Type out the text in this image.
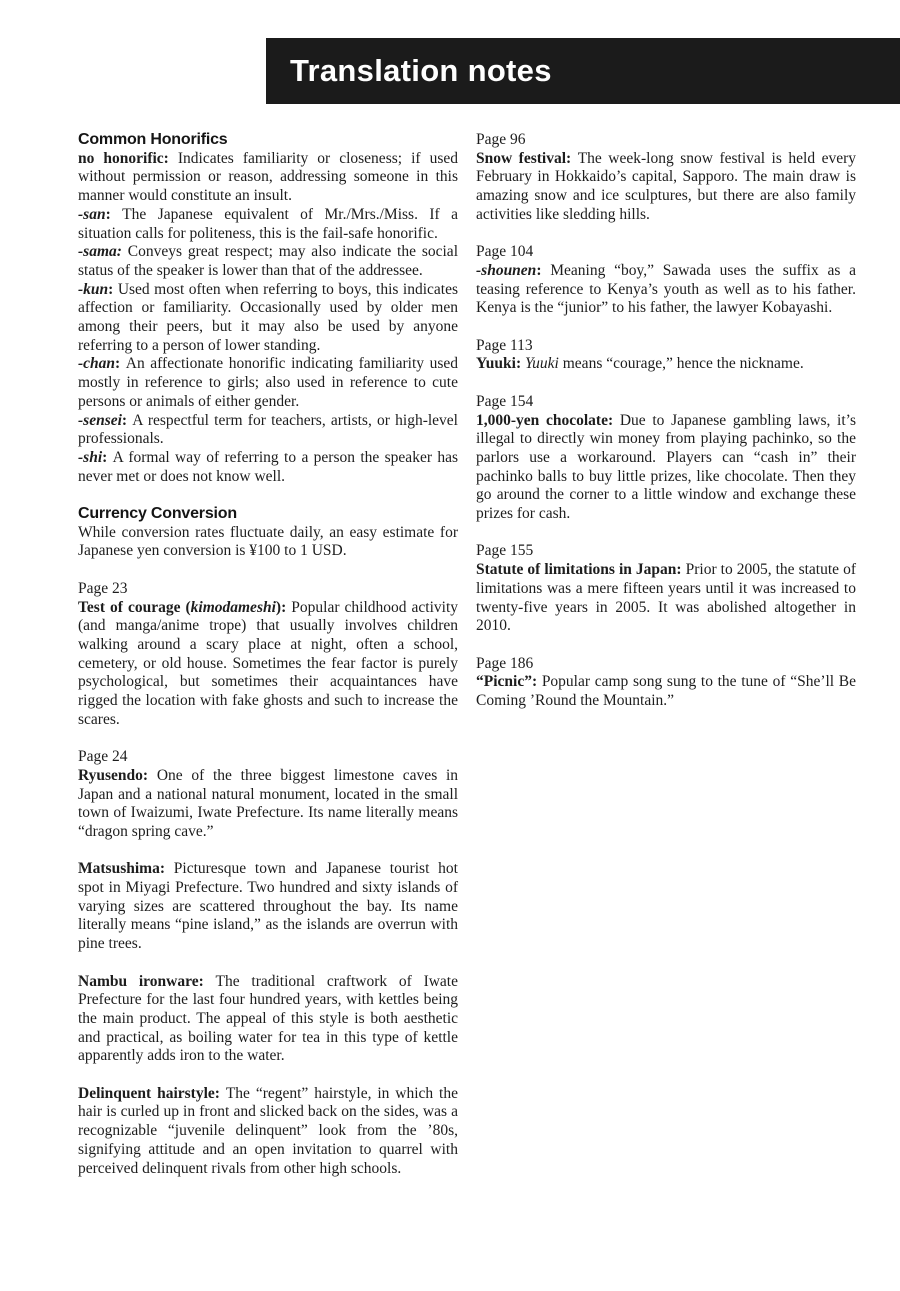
Translation notes
Common Honorifics

no honorific: Indicates familiarity or closeness; if used without permission or reason, addressing someone in this manner would constitute an insult.

-san: The Japanese equivalent of Mr./Mrs./Miss. If a situation calls for politeness, this is the fail-safe honorific.

-sama: Conveys great respect; may also indicate the social status of the speaker is lower than that of the addressee.

-kun: Used most often when referring to boys, this indicates affection or familiarity. Occasionally used by older men among their peers, but it may also be used by anyone referring to a person of lower standing.

-chan: An affectionate honorific indicating familiarity used mostly in reference to girls; also used in reference to cute persons or animals of either gender.

-sensei: A respectful term for teachers, artists, or high-level professionals.

-shi: A formal way of referring to a person the speaker has never met or does not know well.

Currency Conversion

While conversion rates fluctuate daily, an easy estimate for Japanese yen conversion is ¥100 to 1 USD.

Page 23

Test of courage (kimodameshi): Popular childhood activity (and manga/anime trope) that usually involves children walking around a scary place at night, often a school, cemetery, or old house. Sometimes the fear factor is purely psychological, but sometimes their acquaintances have rigged the location with fake ghosts and such to increase the scares.

Page 24

Ryusendo: One of the three biggest limestone caves in Japan and a national natural monument, located in the small town of Iwaizumi, Iwate Prefecture. Its name literally means “dragon spring cave.”

Matsushima: Picturesque town and Japanese tourist hot spot in Miyagi Prefecture. Two hundred and sixty islands of varying sizes are scattered throughout the bay. Its name literally means “pine island,” as the islands are overrun with pine trees.

Nambu ironware: The traditional craftwork of Iwate Prefecture for the last four hundred years, with kettles being the main product. The appeal of this style is both aesthetic and practical, as boiling water for tea in this type of kettle apparently adds iron to the water.

Delinquent hairstyle: The “regent” hairstyle, in which the hair is curled up in front and slicked back on the sides, was a recognizable “juvenile delinquent” look from the ’80s, signifying attitude and an open invitation to quarrel with perceived delinquent rivals from other high schools.

Page 96

Snow festival: The week-long snow festival is held every February in Hokkaido’s capital, Sapporo. The main draw is amazing snow and ice sculptures, but there are also family activities like sledding hills.

Page 104

-shounen: Meaning “boy,” Sawada uses the suffix as a teasing reference to Kenya’s youth as well as to his father. Kenya is the “junior” to his father, the lawyer Kobayashi.

Page 113

Yuuki: Yuuki means “courage,” hence the nickname.

Page 154

1,000-yen chocolate: Due to Japanese gambling laws, it’s illegal to directly win money from playing pachinko, so the parlors use a workaround. Players can “cash in” their pachinko balls to buy little prizes, like chocolate. Then they go around the corner to a little window and exchange these prizes for cash.

Page 155

Statute of limitations in Japan: Prior to 2005, the statute of limitations was a mere fifteen years until it was increased to twenty-five years in 2005. It was abolished altogether in 2010.

Page 186

“Picnic”: Popular camp song sung to the tune of “She’ll Be Coming ’Round the Mountain.”
